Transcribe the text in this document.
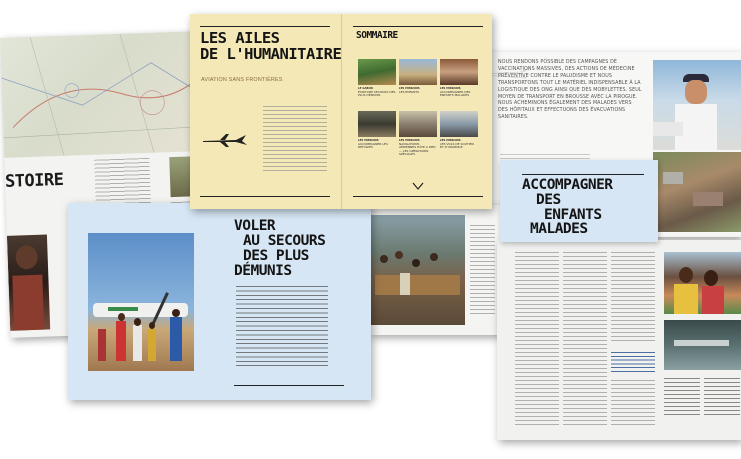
STOIRE
NOUS RENDONS POSSIBLE DES CAMPAGNES DE VACCINATIONS MASSIVES, DES ACTIONS DE MÉDECINE PRÉVENTIVE CONTRE LE PALUDISME ET NOUS TRANSPORTONS TOUT LE MATÉRIEL INDISPENSABLE À LA LOGISTIQUE DES ONG AINSI QUE DES MOBYLETTES. SEUL MOYEN DE TRANSPORT EN BROUSSE AVEC LA PIROGUE. NOUS ACHEMINONS ÉGALEMENT DES MALADES VERS DES HÔPITAUX ET EFFECTUONS DES ÉVACUATIONS SANITAIRES.
VOLER
AU SECOURS
DES PLUS
DÉMUNIS
LES AILES
DE L'HUMANITAIRE
AVIATION SANS FRONTIÈRES
SOMMAIRE
LE GABON
ÉCRITURE SECOURS DES PLUS DÉMUNIS
LES MISSIONS
LES ENFANTS
LES MISSIONS
ACCOMPAGNER DES ENFANTS MALADES
LES MISSIONS
ACCOMPAGNER LES RÉFUGIÉS
LES MISSIONS
NAVIGATIONS AÉRIENNES HÂTE À PIED — LES OPÉRATIONS SPÉCIALES
LES MISSIONS
LES VOLS DE SOUTIEN ET D'URGENCE
ACCOMPAGNER
DES
ENFANTS
MALADES
